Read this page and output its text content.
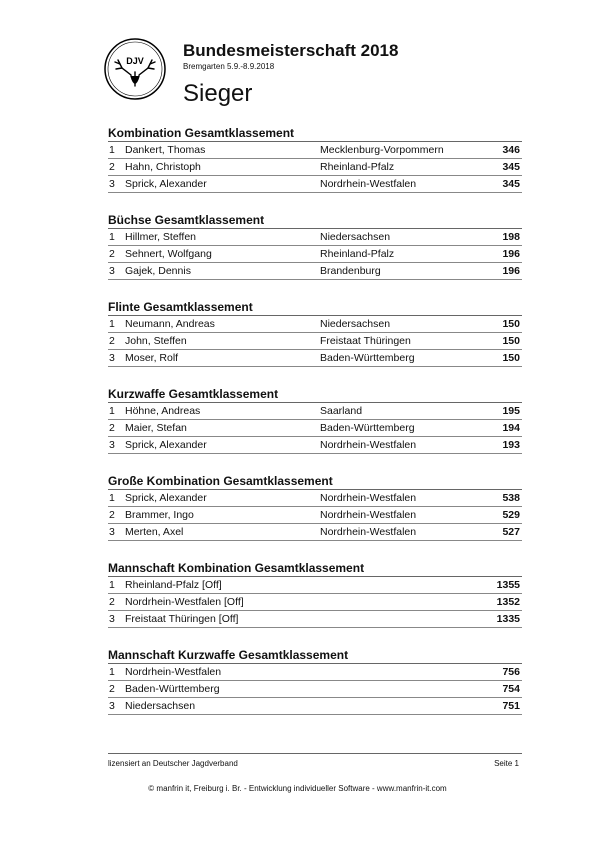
DJV
Bundesmeisterschaft 2018
Bremgarten 5.9.-8.9.2018
Sieger
Kombination Gesamtklassement
1 Dankert, Thomas	Mecklenburg-Vorpommern	346
2 Hahn, Christoph	Rheinland-Pfalz	345
3 Sprick, Alexander	Nordrhein-Westfalen	345
Büchse Gesamtklassement
1 Hillmer, Steffen	Niedersachsen	198
2 Sehnert, Wolfgang	Rheinland-Pfalz	196
3 Gajek, Dennis	Brandenburg	196
Flinte Gesamtklassement
1 Neumann, Andreas	Niedersachsen	150
2 John, Steffen	Freistaat Thüringen	150
3 Moser, Rolf	Baden-Württemberg	150
Kurzwaffe Gesamtklassement
1 Höhne, Andreas	Saarland	195
2 Maier, Stefan	Baden-Württemberg	194
3 Sprick, Alexander	Nordrhein-Westfalen	193
Große Kombination Gesamtklassement
1 Sprick, Alexander	Nordrhein-Westfalen	538
2 Brammer, Ingo	Nordrhein-Westfalen	529
3 Merten, Axel	Nordrhein-Westfalen	527
Mannschaft Kombination Gesamtklassement
1 Rheinland-Pfalz [Off]	1355
2 Nordrhein-Westfalen [Off]	1352
3 Freistaat Thüringen [Off]	1335
Mannschaft Kurzwaffe Gesamtklassement
1 Nordrhein-Westfalen	756
2 Baden-Württemberg	754
3 Niedersachsen	751
lizensiert an Deutscher Jagdverband	Seite 1
© manfrin it, Freiburg i. Br. - Entwicklung individueller Software - www.manfrin-it.com
